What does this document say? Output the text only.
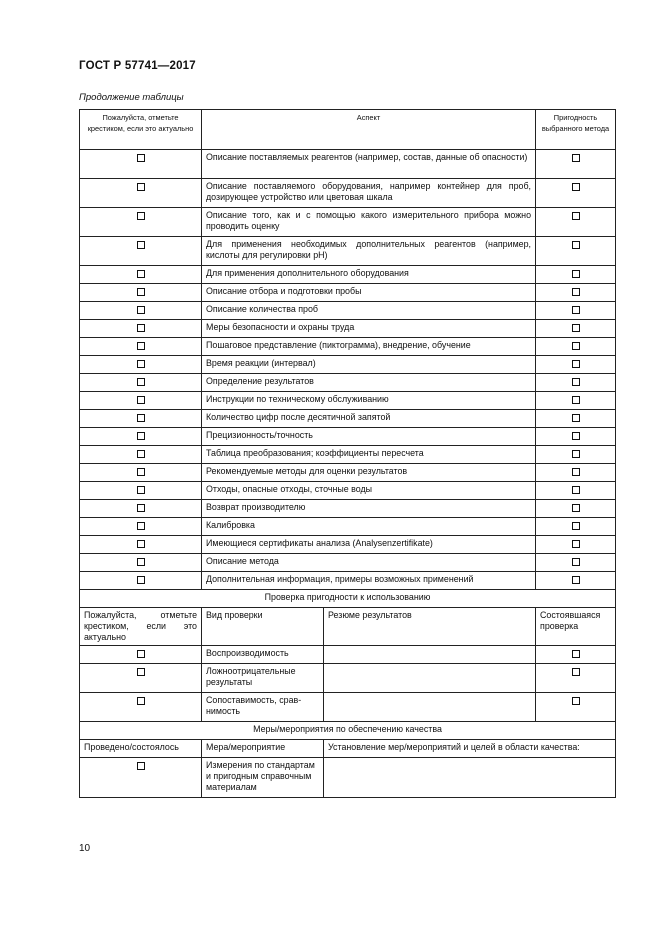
ГОСТ Р 57741—2017
Продолжение таблицы
Пожалуйста, отметьте крестиком, если это актуально	Аспект		Пригодность выбранного метода
	Описание поставляемых реагентов (например, состав, данные об опасности)		
	Описание поставляемого оборудования, например контейнер для проб, дозирующее устройство или цветовая шкала		
	Описание того, как и с помощью какого измерительного прибора можно проводить оценку		
	Для применения необходимых дополнительных реагентов (например, кислоты для регулировки pH)		
	Для применения дополнительного оборудования		
	Описание отбора и подготовки пробы		
	Описание количества проб		
	Меры безопасности и охраны труда		
	Пошаговое представление (пиктограмма), внедрение, обучение		
	Время реакции (интервал)		
	Определение результатов		
	Инструкции по техническому обслуживанию		
	Количество цифр после десятичной запятой		
	Прецизионность/точность		
	Таблица преобразования; коэффициенты пересчета		
	Рекомендуемые методы для оценки результатов		
	Отходы, опасные отходы, сточные воды		
	Возврат производителю		
	Калибровка		
	Имеющиеся сертификаты анализа (Analysenzertifikate)		
	Описание метода		
	Дополнительная информация, примеры возможных применений		
Проверка пригодности к использованию			
Пожалуйста, отметьте крестиком, если это актуально	Вид проверки	Резюме результатов	Состоявшаяся проверка
	Воспроизводимость		
	Ложноотрицательные результаты		
	Сопоставимость, сравнимость		
Меры/мероприятия по обеспечению качества			
Проведено/состоялось	Мера/мероприятие	Установление мер/мероприятий и целей в области качества:	
	Измерения по стандартам и пригодным справочным материалам		
10
